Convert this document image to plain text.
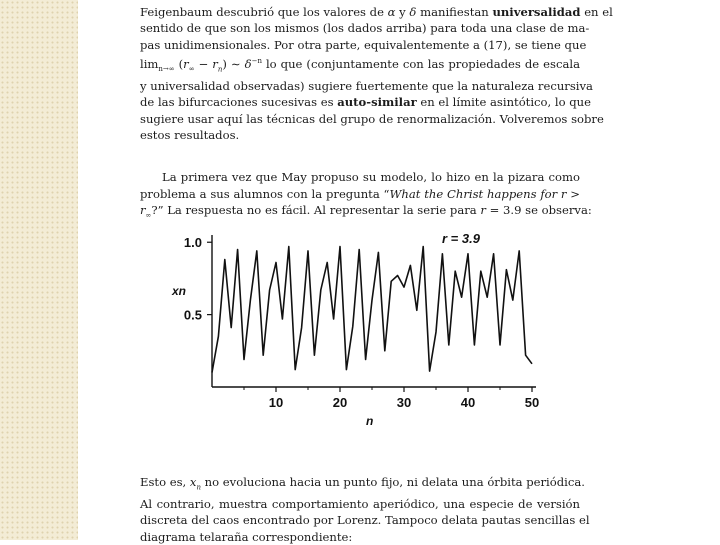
Feigenbaum descubrió que los valores de α y δ manifiestan universalidad en el
sentido de que son los mismos (los dados arriba) para toda una clase de ma-
pas unidimensionales. Por otra parte, equivalentemente a (17), se tiene que
$\lim_{n\to\infty} (r_\infty - r_n)$ ∼ $\delta^{-n}$ lo que (conjuntamente con las propiedades de escala
y universalidad observadas) sugiere fuertemente que la naturaleza recursiva
de las bifurcaciones sucesivas es auto-similar en el límite asintótico, lo que
sugiere usar aquí las técnicas del grupo de renormalización. Volveremos sobre
estos resultados.
La primera vez que May propuso su modelo, lo hizo en la pizara como
problema a sus alumnos con la pregunta “What the Christ happens for r >
$r_\infty$?” La respuesta no es fácil. Al representar la serie para r = 3.9 se observa:
10	20	30	40	50
1.0
0.5
r = 3.9
xn
n
Esto es, $x_n$ no evoluciona hacia un punto fijo, ni delata una órbita periódica.
Al contrario, muestra comportamiento aperiódico, una especie de versión
discreta del caos encontrado por Lorenz. Tampoco delata pautas sencillas el
diagrama telaraña correspondiente:
